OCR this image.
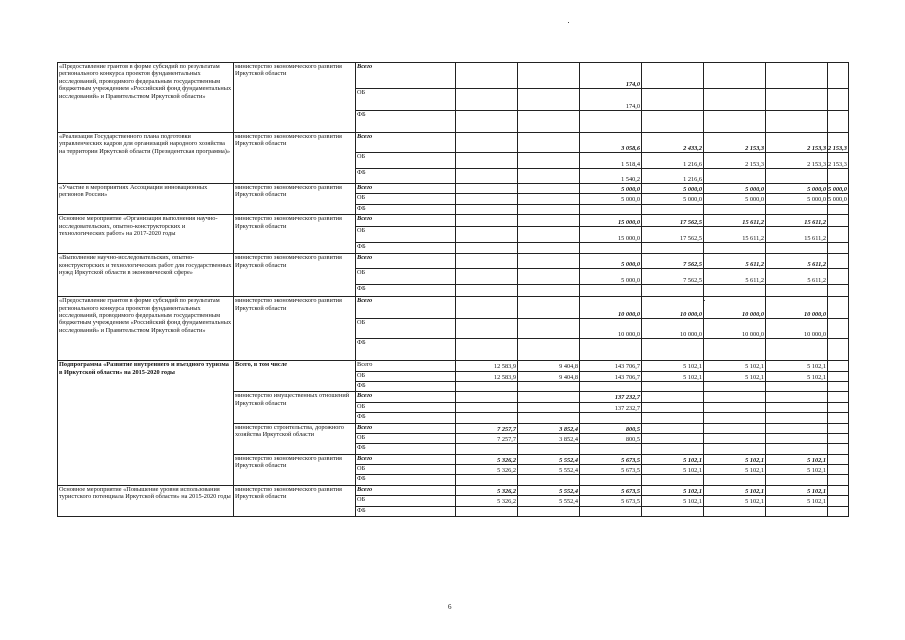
«Предоставление грантов в форме субсидий по результатам регионального конкурса проектов фундаментальных исследований, проводимого федеральным государственным бюджетным учреждением «Российский фонд фундаментальных исследований» и Правительством Иркутской области»	министерство экономического развития Иркутской области	Всего			174,0				
		ОБ			174,0				
		ФБ							
«Реализация Государственного плана подготовки управленческих кадров для организаций народного хозяйства на территории Иркутской области (Президентская программа)»	министерство экономического развития Иркутской области	Всего			3 058,6	2 433,2	2 153,3	2 153,3	2 153,3
		ОБ			1 518,4	1 216,6	2 153,3	2 153,3	2 153,3
		ФБ			1 540,2	1 216,6			
«Участие в мероприятиях Ассоциации инновационных регионов России»	министерство экономического развития Иркутской области	Всего			5 000,0	5 000,0	5 000,0	5 000,0	5 000,0
		ОБ			5 000,0	5 000,0	5 000,0	5 000,0	5 000,0
		ФБ							
Основное мероприятие «Организация выполнения научно-исследовательских, опытно-конструкторских и технологических работ» на 2017-2020 годы	министерство экономического развития Иркутской области	Всего			15 000,0	17 562,5	15 611,2	15 611,2	
		ОБ			15 000,0	17 562,5	15 611,2	15 611,2	
		ФБ							
«Выполнение научно-исследовательских, опытно-конструкторских и технологических работ для государственных нужд Иркутской области в экономической сфере»	министерство экономического развития Иркутской области	Всего			5 000,0	7 562,5	5 611,2	5 611,2	
		ОБ			5 000,0	7 562,5	5 611,2	5 611,2	
		ФБ							
«Предоставление грантов в форме субсидий по результатам регионального конкурса проектов фундаментальных исследований, проводимого федеральным государственным бюджетным учреждением «Российский фонд фундаментальных исследований» и Правительством Иркутской области»	министерство экономического развития Иркутской области	Всего			10 000,0	10 000,0	10 000,0	10 000,0	
		ОБ			10 000,0	10 000,0	10 000,0	10 000,0	
		ФБ							
Подпрограмма «Развитие внутреннего и въездного туризма в Иркутской области» на 2015-2020 годы	Всего, в том числе	Всего	12 583,9	9 404,8	143 706,7	5 102,1	5 102,1	5 102,1	
		ОБ	12 583,9	9 404,8	143 706,7	5 102,1	5 102,1	5 102,1	
		ФБ							
	министерство имущественных отношений Иркутской области	Всего			137 232,7				
		ОБ			137 232,7				
		ФБ							
	министерство строительства, дорожного хозяйства Иркутской области	Всего	7 257,7	3 852,4	800,5				
		ОБ	7 257,7	3 852,4	800,5				
		ФБ							
	министерство экономического развития Иркутской области	Всего	5 326,2	5 552,4	5 673,5	5 102,1	5 102,1	5 102,1	
		ОБ	5 326,2	5 552,4	5 673,5	5 102,1	5 102,1	5 102,1	
		ФБ							
Основное мероприятие «Повышение уровня использования туристского потенциала Иркутской области» на 2015-2020 годы	министерство экономического развития Иркутской области	Всего	5 326,2	5 552,4	5 673,5	5 102,1	5 102,1	5 102,1	
		ОБ	5 326,2	5 552,4	5 673,5	5 102,1	5 102,1	5 102,1	
		ФБ							
6
